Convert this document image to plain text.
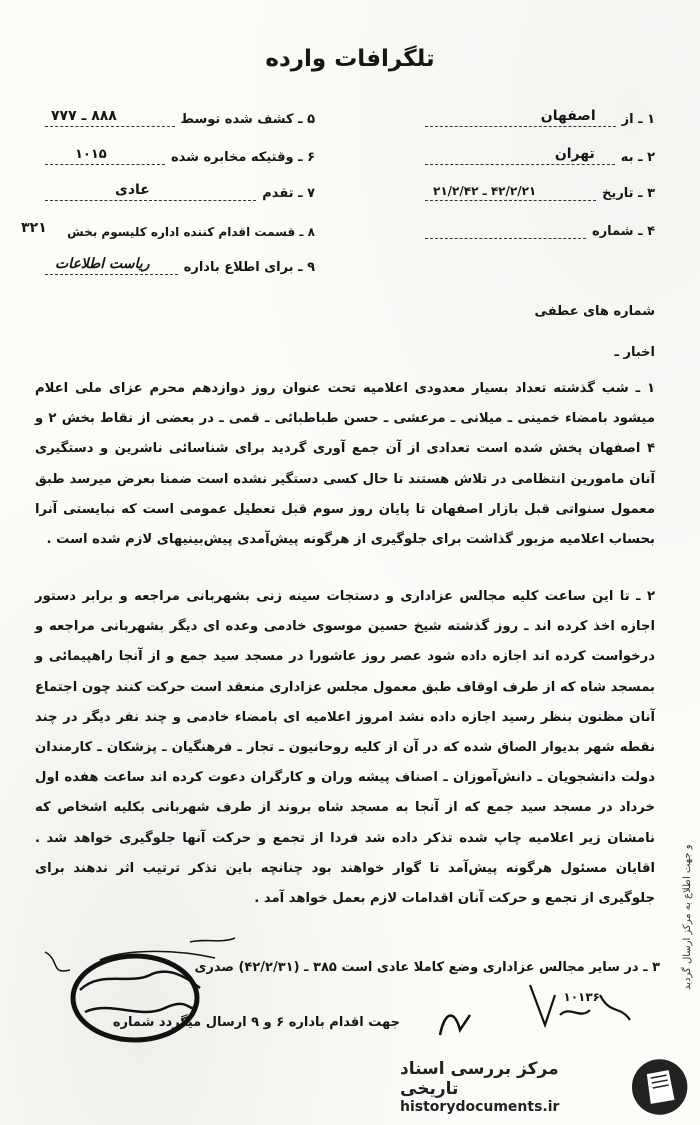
تلگرافات وارده
۱ ـ از
اصفهان
۲ ـ به
تهران
۳ ـ تاریخ
۴۲/۲/۲۱ ـ ۲۱/۲/۴۲
۴ ـ شماره
۵ ـ کشف شده توسط
۸۸۸ ـ ۷۷۷
۶ ـ وقتیکه مخابره شده
۱۰۱۵
۷ ـ تقدم
عادی
۸ ـ قسمت اقدام کننده اداره کلیسوم بخش
۳۲۱
۹ ـ برای اطلاع باداره
ریاست اطلاعات
شماره های عطفی
اخبار ـ

۱ ـ شب گذشته تعداد بسیار معدودی اعلامیه تحت عنوان روز دوازدهم محرم عزای ملی اعلام میشود بامضاء خمینی ـ میلانی ـ مرعشی ـ حسن طباطبائی ـ قمی ـ در بعضی از نقاط بخش ۲ و ۴ اصفهان پخش شده است تعدادی از آن جمع آوری گردید برای شناسائی ناشرین و دستگیری آنان مامورین انتظامی در تلاش هستند تا حال کسی دستگیر نشده است ضمنا بعرض میرسد طبق معمول سنواتی قبل بازار اصفهان تا پایان روز سوم قبل تعطیل عمومی است که نبایستی آنرا بحساب اعلامیه مزبور گذاشت برای جلوگیری از هرگونه پیش‌آمدی پیش‌بینیهای لازم شده است .

۲ ـ تا این ساعت کلیه مجالس عزاداری و دستجات سینه زنی بشهربانی مراجعه و برابر دستور اجازه اخذ کرده اند ـ روز گذشته شیخ حسین موسوی خادمی وعده ای دیگر بشهربانی مراجعه و درخواست کرده اند اجازه داده شود عصر روز عاشورا در مسجد سید جمع و از آنجا راهپیمائی و بمسجد شاه که از طرف اوقاف طبق معمول مجلس عزاداری منعقد است حرکت کنند چون اجتماع آنان مظنون بنظر رسید اجازه داده نشد امروز اعلامیه ای بامضاء خادمی و چند نفر دیگر در چند نقطه شهر بدیوار الصاق شده که در آن از کلیه روحانیون ـ تجار ـ فرهنگیان ـ پزشکان ـ کارمندان دولت دانشجویان ـ دانش‌آموزان ـ اصناف پیشه وران و کارگران دعوت کرده اند ساعت هفده اول خرداد در مسجد سید جمع که از آنجا به مسجد شاه بروند از طرف شهربانی بکلیه اشخاص که نامشان زیر اعلامیه چاپ شده تذکر داده شد فردا از تجمع و حرکت آنها جلوگیری خواهد شد . اقایان مسئول هرگونه پیش‌آمد تا گوار خواهند بود چنانچه باین تذکر ترتیب اثر ندهند برای جلوگیری از تجمع و حرکت آنان اقدامات لازم بعمل خواهد آمد .

۳ ـ در سایر مجالس عزاداری وضع کاملا عادی است ۳۸۵ ـ (۴۲/۲/۳۱) صدری
جهت اقدام باداره ۶ و ۹ ارسال میگردد شماره
۱۰۱۳۶
و جهت اطلاع به مرکز ارسال گردید
مرکز بررسی اسناد تاریخی
historydocuments.ir
